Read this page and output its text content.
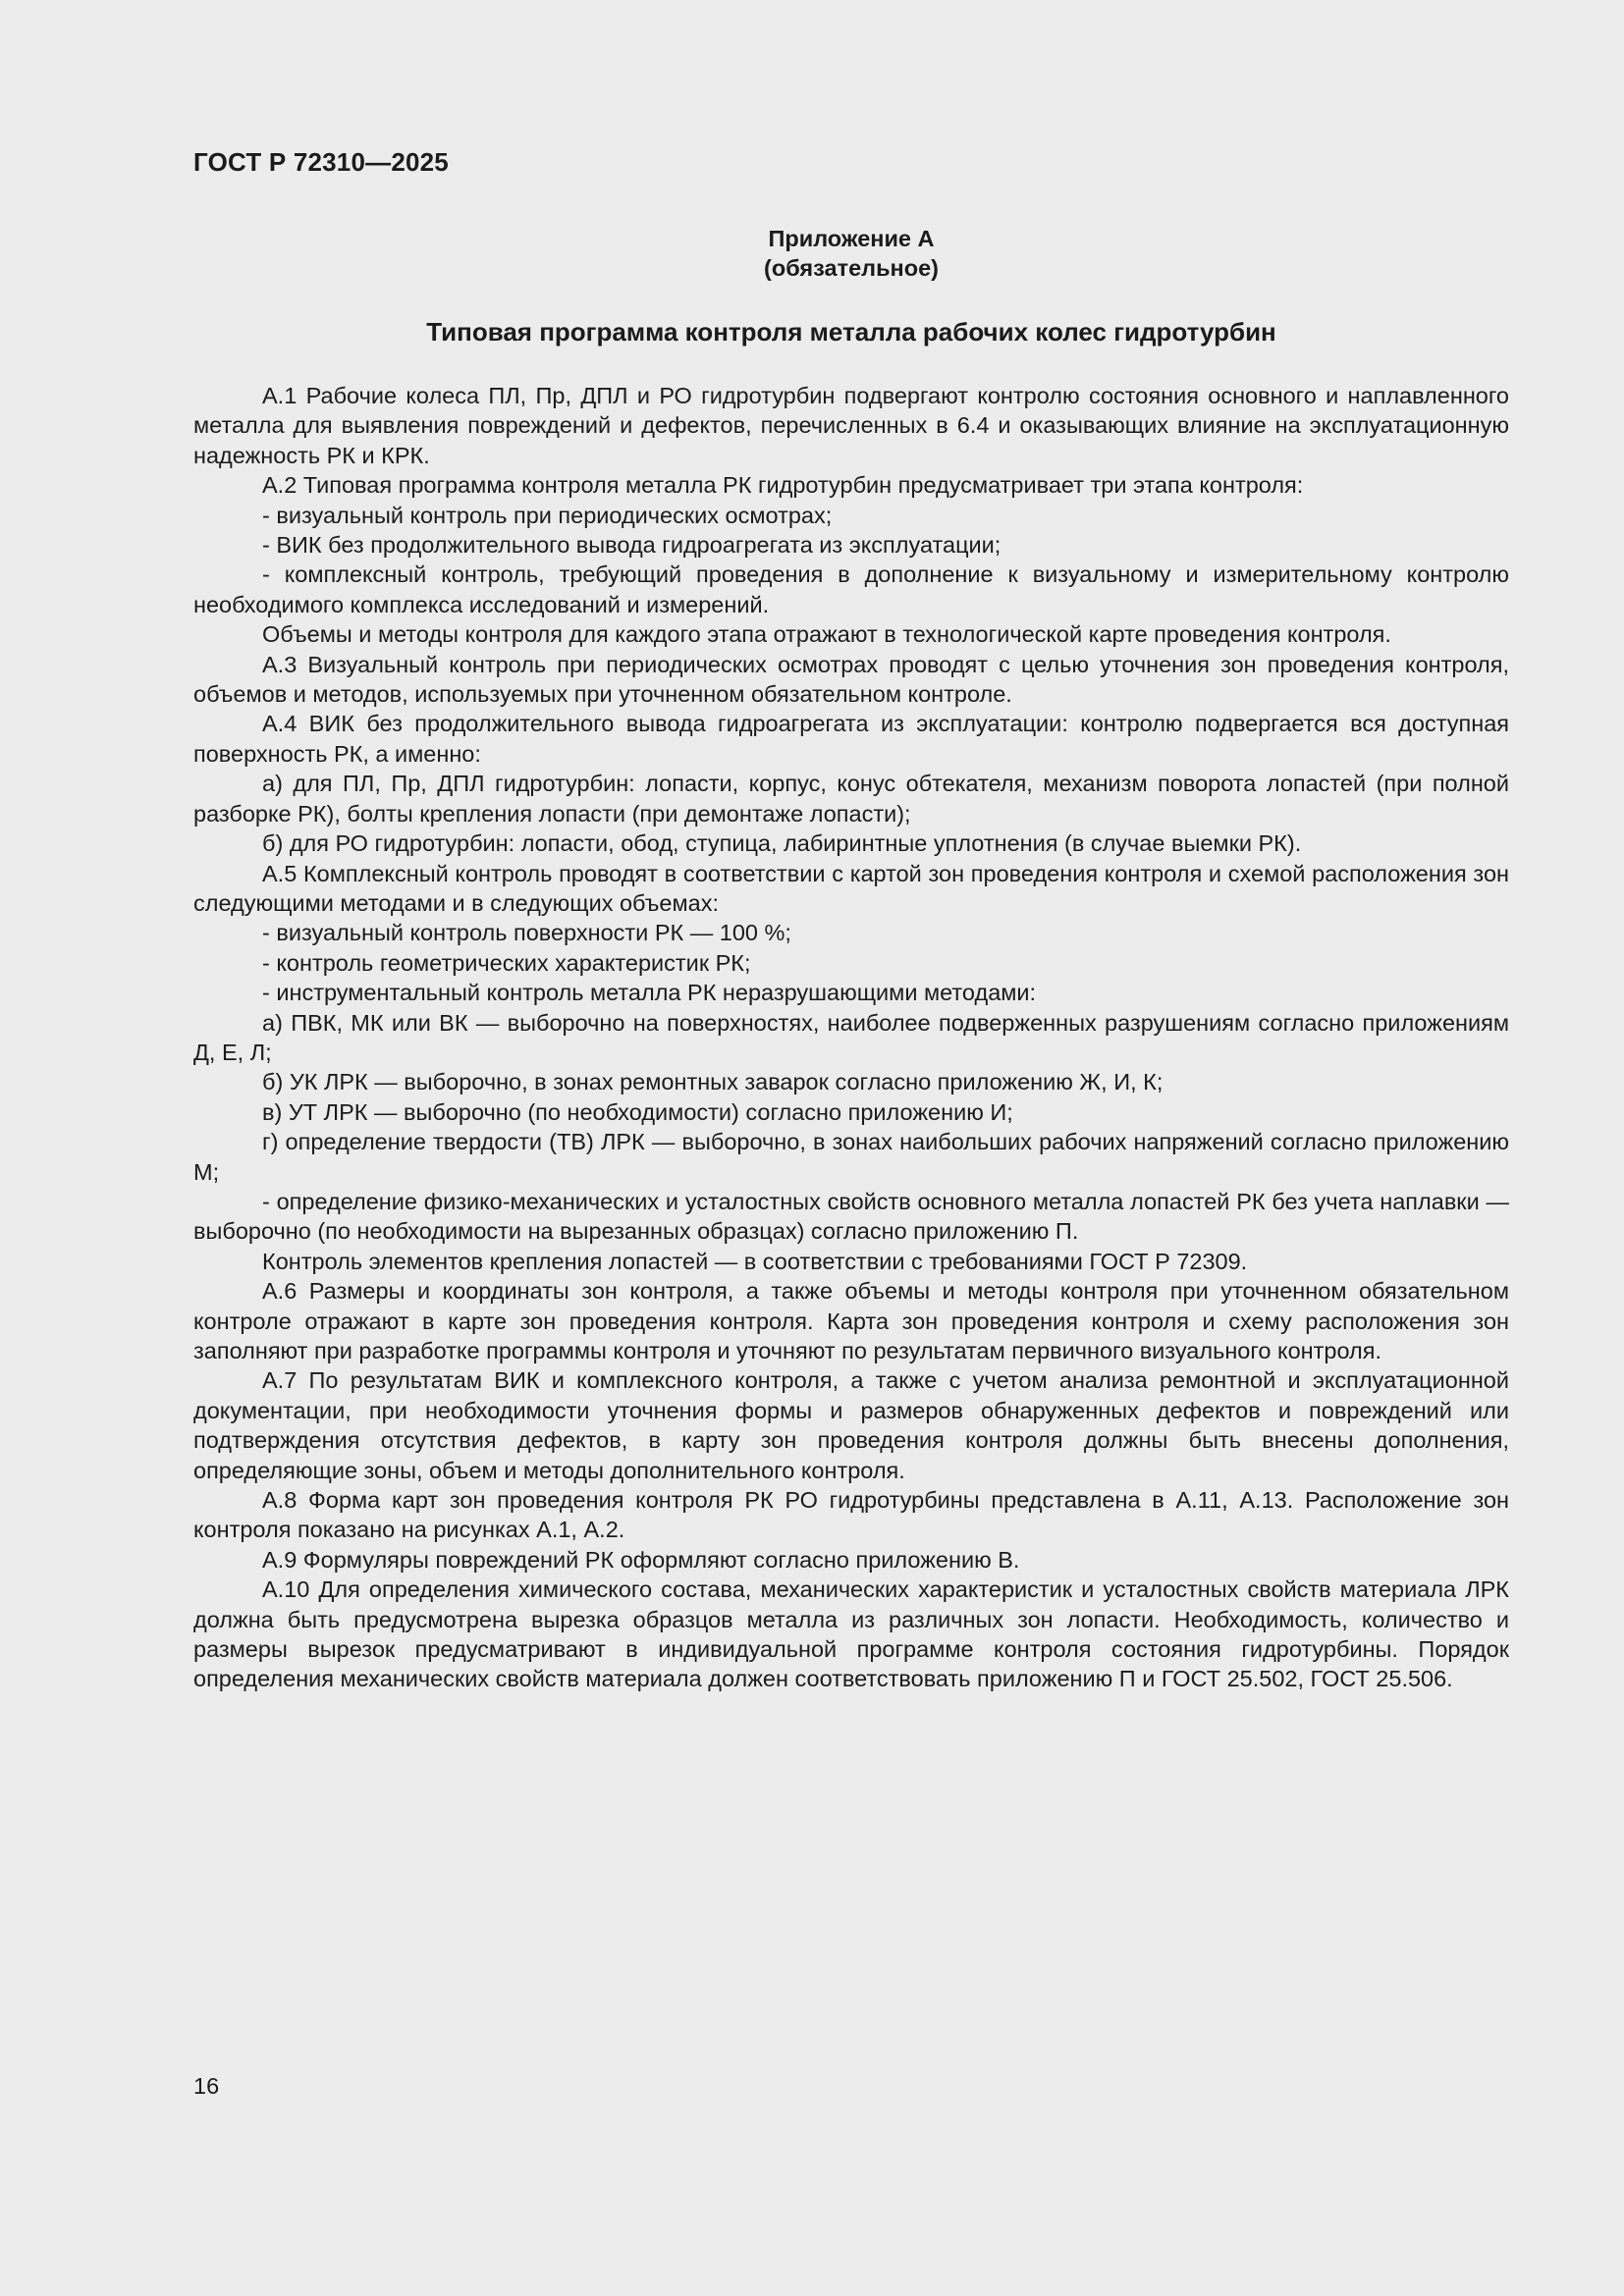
ГОСТ Р 72310—2025
Приложение А
(обязательное)
Типовая программа контроля металла рабочих колес гидротурбин

А.1 Рабочие колеса ПЛ, Пр, ДПЛ и РО гидротурбин подвергают контролю состояния основного и наплавленного металла для выявления повреждений и дефектов, перечисленных в 6.4 и оказывающих влияние на эксплуатационную надежность РК и КРК.

А.2 Типовая программа контроля металла РК гидротурбин предусматривает три этапа контроля:

- визуальный контроль при периодических осмотрах;

- ВИК без продолжительного вывода гидроагрегата из эксплуатации;

- комплексный контроль, требующий проведения в дополнение к визуальному и измерительному контролю необходимого комплекса исследований и измерений.

Объемы и методы контроля для каждого этапа отражают в технологической карте проведения контроля.

А.3 Визуальный контроль при периодических осмотрах проводят с целью уточнения зон проведения контроля, объемов и методов, используемых при уточненном обязательном контроле.

А.4 ВИК без продолжительного вывода гидроагрегата из эксплуатации: контролю подвергается вся доступная поверхность РК, а именно:

а) для ПЛ, Пр, ДПЛ гидротурбин: лопасти, корпус, конус обтекателя, механизм поворота лопастей (при полной разборке РК), болты крепления лопасти (при демонтаже лопасти);

б) для РО гидротурбин: лопасти, обод, ступица, лабиринтные уплотнения (в случае выемки РК).

А.5 Комплексный контроль проводят в соответствии с картой зон проведения контроля и схемой расположения зон следующими методами и в следующих объемах:

- визуальный контроль поверхности РК — 100 %;

- контроль геометрических характеристик РК;

- инструментальный контроль металла РК неразрушающими методами:

а) ПВК, МК или ВК — выборочно на поверхностях, наиболее подверженных разрушениям согласно приложениям Д, Е, Л;

б) УК ЛРК — выборочно, в зонах ремонтных заварок согласно приложению Ж, И, К;

в) УТ ЛРК — выборочно (по необходимости) согласно приложению И;

г) определение твердости (ТВ) ЛРК — выборочно, в зонах наибольших рабочих напряжений согласно приложению М;

- определение физико-механических и усталостных свойств основного металла лопастей РК без учета наплавки — выборочно (по необходимости на вырезанных образцах) согласно приложению П.

Контроль элементов крепления лопастей — в соответствии с требованиями ГОСТ Р 72309.

А.6 Размеры и координаты зон контроля, а также объемы и методы контроля при уточненном обязательном контроле отражают в карте зон проведения контроля. Карта зон проведения контроля и схему расположения зон заполняют при разработке программы контроля и уточняют по результатам первичного визуального контроля.

А.7 По результатам ВИК и комплексного контроля, а также с учетом анализа ремонтной и эксплуатационной документации, при необходимости уточнения формы и размеров обнаруженных дефектов и повреждений или подтверждения отсутствия дефектов, в карту зон проведения контроля должны быть внесены дополнения, определяющие зоны, объем и методы дополнительного контроля.

А.8 Форма карт зон проведения контроля РК РО гидротурбины представлена в А.11, А.13. Расположение зон контроля показано на рисунках А.1, А.2.

А.9 Формуляры повреждений РК оформляют согласно приложению В.

А.10 Для определения химического состава, механических характеристик и усталостных свойств материала ЛРК должна быть предусмотрена вырезка образцов металла из различных зон лопасти. Необходимость, количество и размеры вырезок предусматривают в индивидуальной программе контроля состояния гидротурбины. Порядок определения механических свойств материала должен соответствовать приложению П и ГОСТ 25.502, ГОСТ 25.506.

16
